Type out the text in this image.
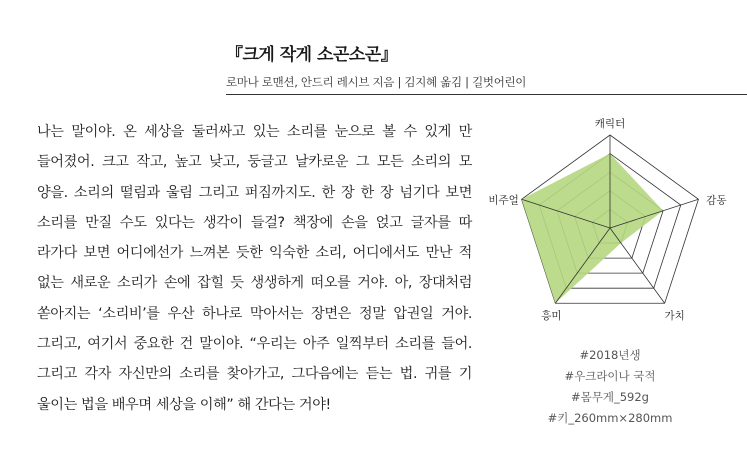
『크게 작게 소곤소곤』
로마나 로맨션, 안드리 레시브 지음 | 김지혜 옮김 | 길벗어린이
나는 말이야. 온 세상을 둘러싸고 있는 소리를 눈으로 볼 수 있게 만
들어졌어. 크고 작고, 높고 낮고, 둥글고 날카로운 그 모든 소리의 모
양을. 소리의 떨림과 울림 그리고 퍼짐까지도. 한 장 한 장 넘기다 보면
소리를 만질 수도 있다는 생각이 들걸? 책장에 손을 얹고 글자를 따
라가다 보면 어디에선가 느껴본 듯한 익숙한 소리, 어디에서도 만난 적
없는 새로운 소리가 손에 잡힐 듯 생생하게 떠오를 거야. 아, 장대처럼
쏟아지는 ‘소리비’를 우산 하나로 막아서는 장면은 정말 압권일 거야.
그리고, 여기서 중요한 건 말이야. “우리는 아주 일찍부터 소리를 들어.
그리고 각자 자신만의 소리를 찾아가고, 그다음에는 듣는 법. 귀를 기
울이는 법을 배우며 세상을 이해” 해 간다는 거야!
캐릭터
감동
가치
흥미
비주얼
#2018년생
#우크라이나 국적
#몸무게_592g
#키_260mm×280mm
